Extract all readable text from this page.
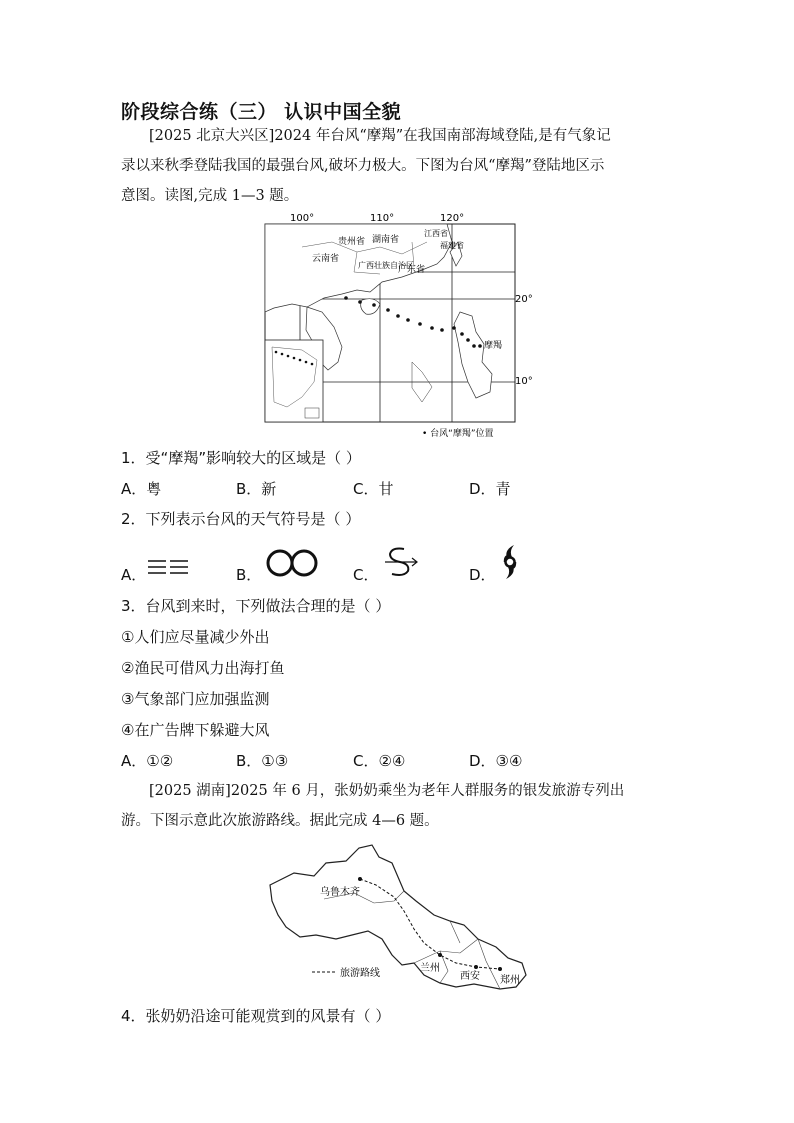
阶段综合练（三） 认识中国全貌
[2025 北京大兴区]2024 年台风“摩羯”在我国南部海域登陆,是有气象记
录以来秋季登陆我国的最强台风,破坏力极大。下图为台风“摩羯”登陆地区示
意图。读图,完成 1—3 题。
100°	110°	120°
20°
10°
贵州省 湖南省
江西省
福建省
云南省
广西壮族自治区
广东省
摩羯
• 台风“摩羯”位置
1．受“摩羯”影响较大的区域是（ ）
A．粤	B．新	C．甘	D．青
2．下列表示台风的天气符号是（ ）
A．	B．	C．	D．
3．台风到来时，下列做法合理的是（ ）
①人们应尽量减少外出
②渔民可借风力出海打鱼
③气象部门应加强监测
④在广告牌下躲避大风
A．①②	B．①③	C．②④	D．③④
[2025 湖南]2025 年 6 月，张奶奶乘坐为老年人群服务的银发旅游专列出
游。下图示意此次旅游路线。据此完成 4—6 题。
乌鲁木齐
兰州
西安 郑州
旅游路线
4．张奶奶沿途可能观赏到的风景有（ ）
